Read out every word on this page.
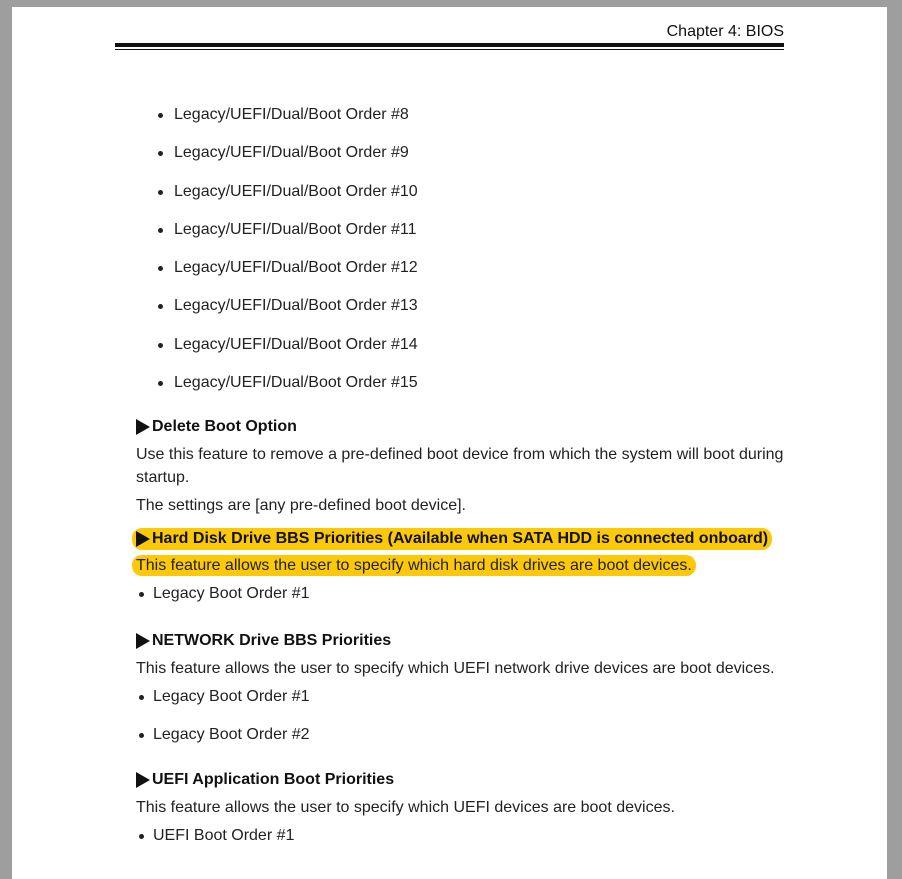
Chapter 4: BIOS
Legacy/UEFI/Dual/Boot Order #8
Legacy/UEFI/Dual/Boot Order #9
Legacy/UEFI/Dual/Boot Order #10
Legacy/UEFI/Dual/Boot Order #11
Legacy/UEFI/Dual/Boot Order #12
Legacy/UEFI/Dual/Boot Order #13
Legacy/UEFI/Dual/Boot Order #14
Legacy/UEFI/Dual/Boot Order #15
Delete Boot Option
Use this feature to remove a pre-defined boot device from which the system will boot during startup.
The settings are [any pre-defined boot device].
Hard Disk Drive BBS Priorities (Available when SATA HDD is connected onboard)
This feature allows the user to specify which hard disk drives are boot devices.
Legacy Boot Order #1
NETWORK Drive BBS Priorities
This feature allows the user to specify which UEFI network drive devices are boot devices.
Legacy Boot Order #1
Legacy Boot Order #2
UEFI Application Boot Priorities
This feature allows the user to specify which UEFI devices are boot devices.
UEFI Boot Order #1
